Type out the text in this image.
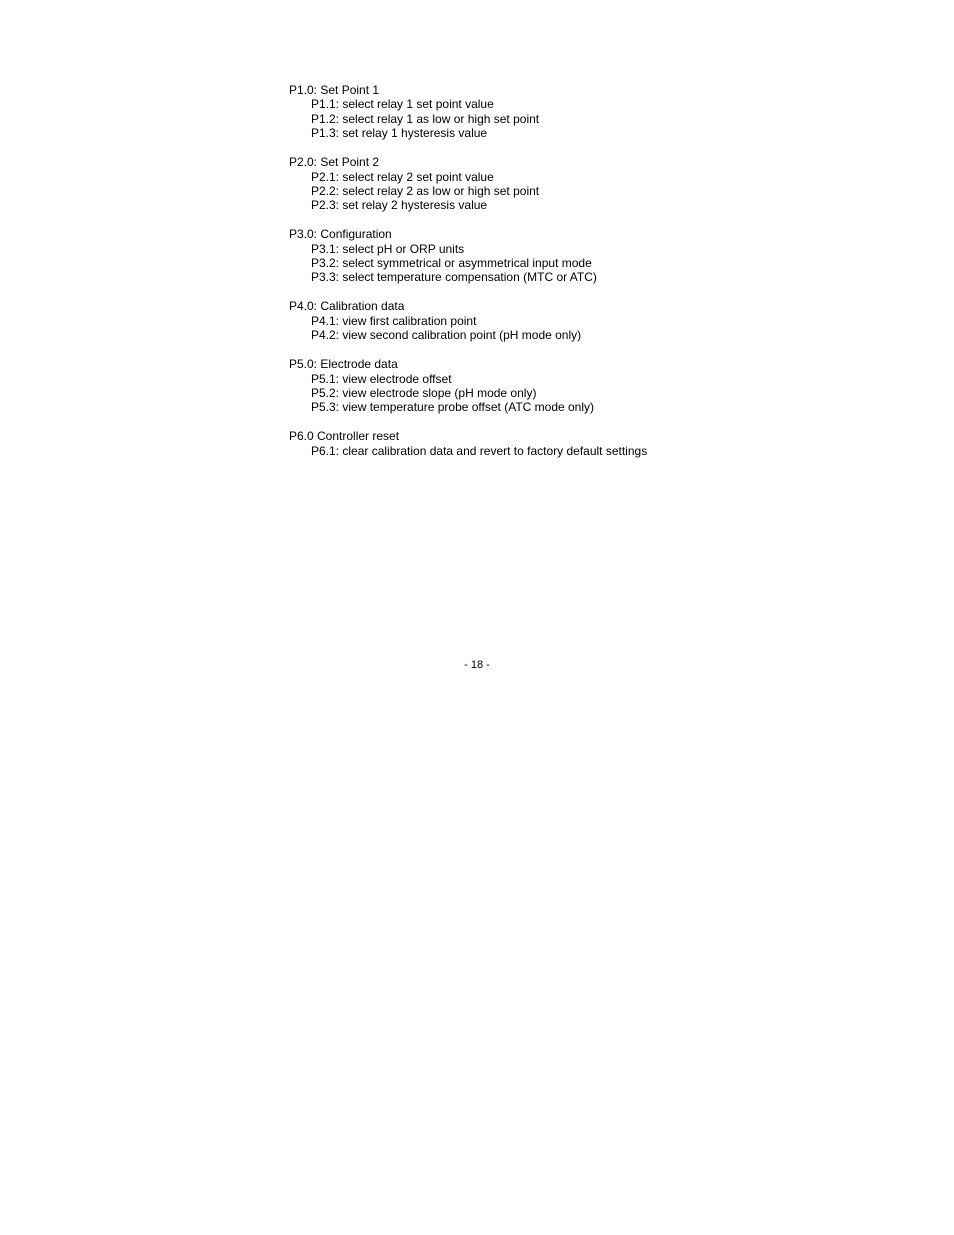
P1.0: Set Point 1
P1.1: select relay 1 set point value
P1.2: select relay 1 as low or high set point
P1.3: set relay 1 hysteresis value
P2.0: Set Point 2
P2.1: select relay 2 set point value
P2.2: select relay 2 as low or high set point
P2.3: set relay 2 hysteresis value
P3.0: Configuration
P3.1: select pH or ORP units
P3.2: select symmetrical or asymmetrical input mode
P3.3: select temperature compensation (MTC or ATC)
P4.0: Calibration data
P4.1: view first calibration point
P4.2: view second calibration point (pH mode only)
P5.0: Electrode data
P5.1: view electrode offset
P5.2: view electrode slope (pH mode only)
P5.3: view temperature probe offset (ATC mode only)
P6.0 Controller reset
P6.1: clear calibration data and revert to factory default settings
- 18 -
